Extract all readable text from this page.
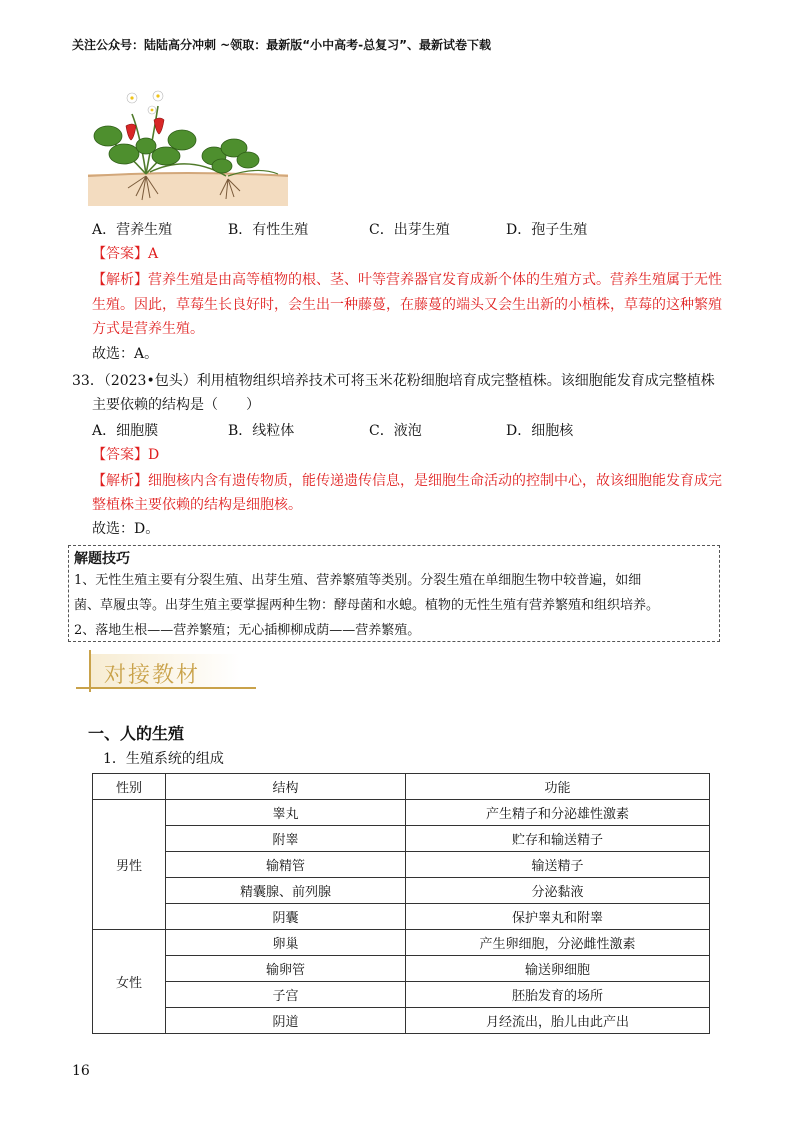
关注公众号：陆陆高分冲刺 ~领取：最新版“小中高考-总复习”、最新试卷下载
A．营养生殖	B．有性生殖	C．出芽生殖	D．孢子生殖
【答案】A
【解析】营养生殖是由高等植物的根、茎、叶等营养器官发育成新个体的生殖方式。营养生殖属于无性
生殖。因此，草莓生长良好时，会生出一种藤蔓，在藤蔓的端头又会生出新的小植株，草莓的这种繁殖
方式是营养生殖。
故选：A。
33．（2023•包头）利用植物组织培养技术可将玉米花粉细胞培育成完整植株。该细胞能发育成完整植株
主要依赖的结构是（　　）
A．细胞膜	B．线粒体	C．液泡	D．细胞核
【答案】D
【解析】细胞核内含有遗传物质，能传递遗传信息，是细胞生命活动的控制中心，故该细胞能发育成完
整植株主要依赖的结构是细胞核。
故选：D。
解题技巧
1、无性生殖主要有分裂生殖、出芽生殖、营养繁殖等类别。分裂生殖在单细胞生物中较普遍，如细
菌、草履虫等。出芽生殖主要掌握两种生物：酵母菌和水螅。植物的无性生殖有营养繁殖和组织培养。
2、落地生根——营养繁殖；无心插柳柳成荫——营养繁殖。
对接教材
一、人的生殖
1．生殖系统的组成
性别	结构	功能
男性	睾丸	产生精子和分泌雄性激素
	附睾	贮存和输送精子
	输精管	输送精子
	精囊腺、前列腺	分泌黏液
	阴囊	保护睾丸和附睾
女性	卵巢	产生卵细胞，分泌雌性激素
	输卵管	输送卵细胞
	子宫	胚胎发育的场所
	阴道	月经流出，胎儿由此产出
16
